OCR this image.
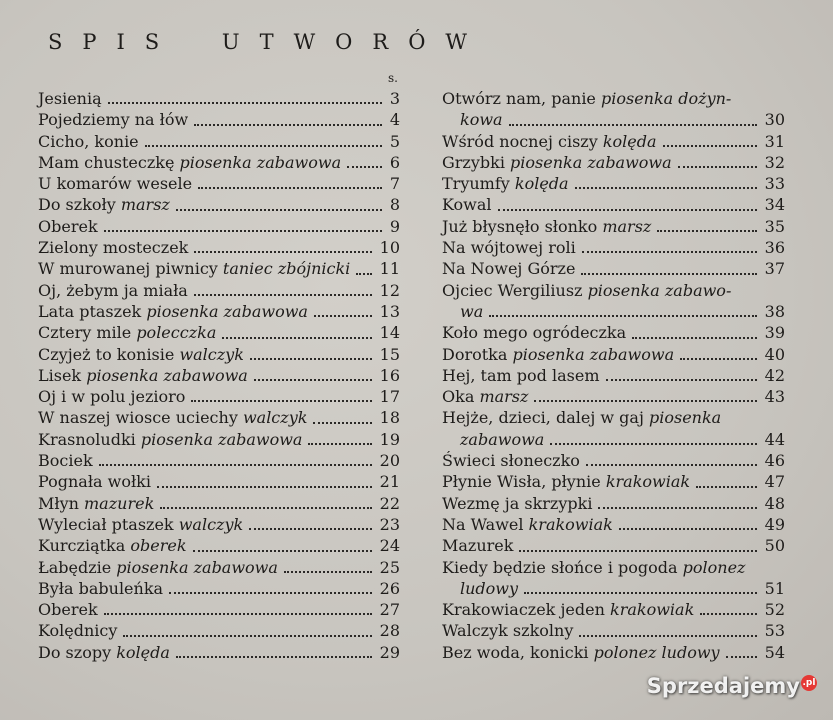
SPIS UTWORÓW
s.
Jesienią	3
Pojedziemy na łów	4
Cicho, konie	5
Mam chusteczkę piosenka zabawowa	6
U komarów wesele	7
Do szkoły marsz	8
Oberek	9
Zielony mosteczek	10
W murowanej piwnicy taniec zbójnicki 11
Oj, żebym ja miała	12
Lata ptaszek piosenka zabawowa	13
Cztery mile polecczka	14
Czyjeż to konisie walczyk	15
Lisek piosenka zabawowa	16
Oj i w polu jezioro	17
W naszej wiosce uciechy walczyk	18
Krasnoludki piosenka zabawowa	19
Bociek	20
Pognała wołki	21
Młyn mazurek	22
Wyleciał ptaszek walczyk	23
Kurcziątka oberek	24
Łabędzie piosenka zabawowa	25
Była babuleńka	26
Oberek	27
Kolędnicy	28
Do szopy kolęda	29
Otwórz nam, panie piosenka dożyn-
kowa	30
Wśród nocnej ciszy kolęda	31
Grzybki piosenka zabawowa	32
Tryumfy kolęda	33
Kowal	34
Już błysnęło słonko marsz	35
Na wójtowej roli	36
Na Nowej Górze	37
Ojciec Wergiliusz piosenka zabawo-
wa	38
Koło mego ogródeczka	39
Dorotka piosenka zabawowa	40
Hej, tam pod lasem	42
Oka marsz	43
Hejże, dzieci, dalej w gaj piosenka
zabawowa	44
Świeci słoneczko	46
Płynie Wisła, płynie krakowiak	47
Wezmę ja skrzypki	48
Na Wawel krakowiak	49
Mazurek	50
Kiedy będzie słońce i pogoda polonez
ludowy	51
Krakowiaczek jeden krakowiak	52
Walczyk szkolny	53
Bez woda, konicki polonez ludowy	54
Sprzedajemy .pl
